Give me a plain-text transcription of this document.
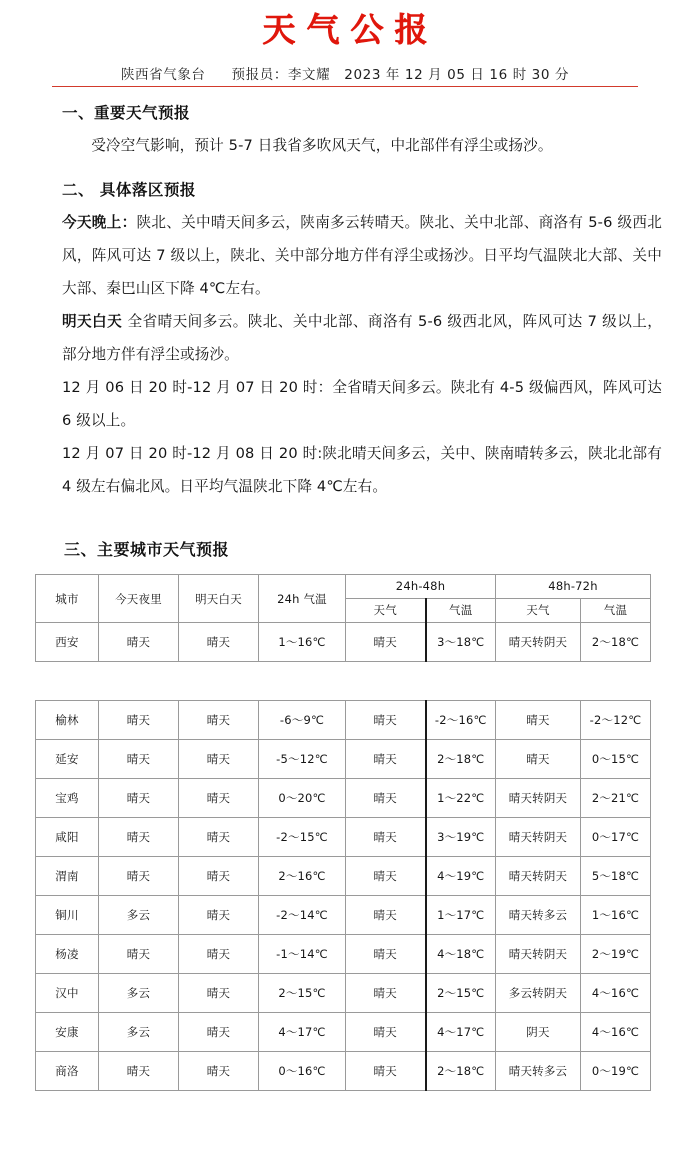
天气公报
陕西省气象台 预报员：李文耀 2023 年 12 月 05 日 16 时 30 分
一、重要天气预报

受冷空气影响，预计 5-7 日我省多吹风天气，中北部伴有浮尘或扬沙。

二、 具体落区预报

今天晚上：陕北、关中晴天间多云，陕南多云转晴天。陕北、关中北部、商洛有 5-6 级西北风，阵风可达 7 级以上，陕北、关中部分地方伴有浮尘或扬沙。日平均气温陕北大部、关中大部、秦巴山区下降 4℃左右。

明天白天 全省晴天间多云。陕北、关中北部、商洛有 5-6 级西北风，阵风可达 7 级以上，部分地方伴有浮尘或扬沙。

12 月 06 日 20 时-12 月 07 日 20 时：全省晴天间多云。陕北有 4-5 级偏西风，阵风可达 6 级以上。

12 月 07 日 20 时-12 月 08 日 20 时:陕北晴天间多云，关中、陕南晴转多云，陕北北部有 4 级左右偏北风。日平均气温陕北下降 4℃左右。

三、主要城市天气预报
城市	今天夜里	明天白天	24h 气温	24h-48h		48h-72h	
				天气	气温	天气	气温
西安	晴天	晴天	1～16℃	晴天	3～18℃	晴天转阴天	2～18℃

榆林	晴天	晴天	-6～9℃	晴天	-2～16℃	晴天	-2～12℃
延安	晴天	晴天	-5～12℃	晴天	2～18℃	晴天	0～15℃
宝鸡	晴天	晴天	0～20℃	晴天	1～22℃	晴天转阴天	2～21℃
咸阳	晴天	晴天	-2～15℃	晴天	3～19℃	晴天转阴天	0～17℃
渭南	晴天	晴天	2～16℃	晴天	4～19℃	晴天转阴天	5～18℃
铜川	多云	晴天	-2～14℃	晴天	1～17℃	晴天转多云	1～16℃
杨凌	晴天	晴天	-1～14℃	晴天	4～18℃	晴天转阴天	2～19℃
汉中	多云	晴天	2～15℃	晴天	2～15℃	多云转阴天	4～16℃
安康	多云	晴天	4～17℃	晴天	4～17℃	阴天	4～16℃
商洛	晴天	晴天	0～16℃	晴天	2～18℃	晴天转多云	0～19℃
